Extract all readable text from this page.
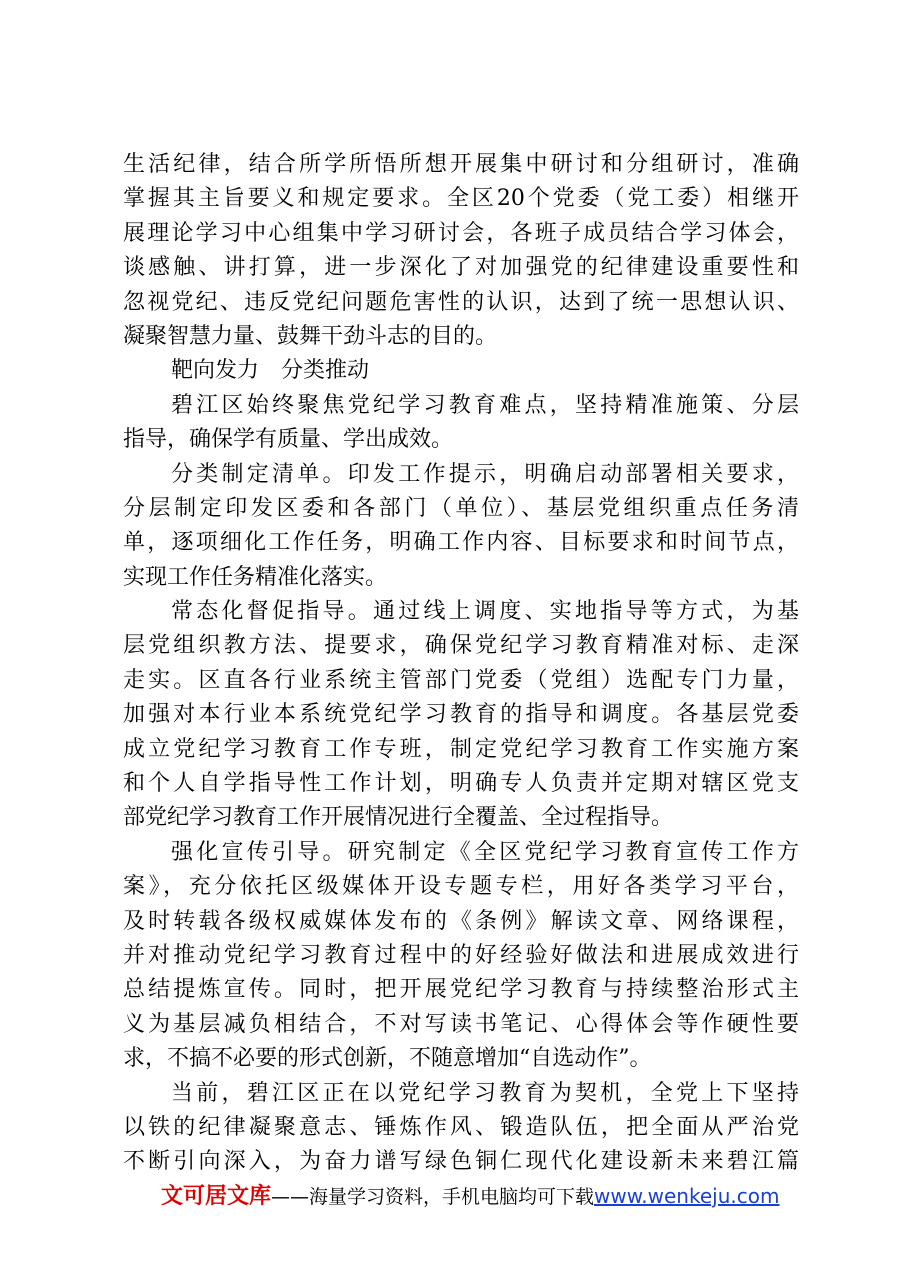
生活纪律，结合所学所悟所想开展集中研讨和分组研讨，准确
掌握其主旨要义和规定要求。全区20个党委（党工委）相继开
展理论学习中心组集中学习研讨会，各班子成员结合学习体会，
谈感触、讲打算，进一步深化了对加强党的纪律建设重要性和
忽视党纪、违反党纪问题危害性的认识，达到了统一思想认识、
凝聚智慧力量、鼓舞干劲斗志的目的。
靶向发力　分类推动
碧江区始终聚焦党纪学习教育难点，坚持精准施策、分层
指导，确保学有质量、学出成效。
分类制定清单。印发工作提示，明确启动部署相关要求，
分层制定印发区委和各部门（单位）、基层党组织重点任务清
单，逐项细化工作任务，明确工作内容、目标要求和时间节点，
实现工作任务精准化落实。
常态化督促指导。通过线上调度、实地指导等方式，为基
层党组织教方法、提要求，确保党纪学习教育精准对标、走深
走实。区直各行业系统主管部门党委（党组）选配专门力量，
加强对本行业本系统党纪学习教育的指导和调度。各基层党委
成立党纪学习教育工作专班，制定党纪学习教育工作实施方案
和个人自学指导性工作计划，明确专人负责并定期对辖区党支
部党纪学习教育工作开展情况进行全覆盖、全过程指导。
强化宣传引导。研究制定《全区党纪学习教育宣传工作方
案》，充分依托区级媒体开设专题专栏，用好各类学习平台，
及时转载各级权威媒体发布的《条例》解读文章、网络课程，
并对推动党纪学习教育过程中的好经验好做法和进展成效进行
总结提炼宣传。同时，把开展党纪学习教育与持续整治形式主
义为基层减负相结合，不对写读书笔记、心得体会等作硬性要
求，不搞不必要的形式创新，不随意增加“自选动作”。
当前，碧江区正在以党纪学习教育为契机，全党上下坚持
以铁的纪律凝聚意志、锤炼作风、锻造队伍，把全面从严治党
不断引向深入，为奋力谱写绿色铜仁现代化建设新未来碧江篇
文可居文库——海量学习资料，手机电脑均可下载www.wenkeju.com
